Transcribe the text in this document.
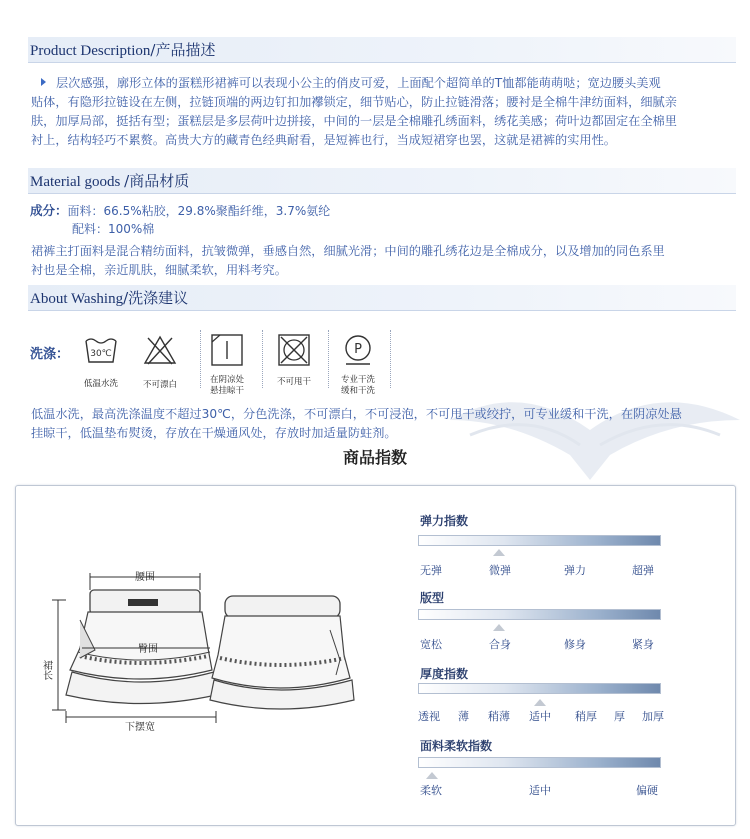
Product Description/产品描述
层次感强，廓形立体的蛋糕形裙裤可以表现小公主的俏皮可爱，上面配个超简单的T恤都能萌萌哒；宽边腰头美观
贴体，有隐形拉链设在左侧，拉链顶端的两边钉扣加襻锁定，细节贴心，防止拉链滑落；腰衬是全棉牛津纺面料，细腻亲
肤，加厚局部，挺括有型；蛋糕层是多层荷叶边拼接，中间的一层是全棉雕孔绣面料，绣花美感；荷叶边都固定在全棉里
衬上，结构轻巧不累赘。高贵大方的藏青色经典耐看，是短裤也行，当成短裙穿也罢，这就是裙裤的实用性。
Material goods /商品材质
成分：面料：66.5%粘胶，29.8%聚酯纤维，3.7%氨纶
配料：100%棉
裙裤主打面料是混合精纺面料，抗皱微弹，垂感自然，细腻光滑；中间的雕孔绣花边是全棉成分，以及增加的同色系里
衬也是全棉，亲近肌肤，细腻柔软，用料考究。
About Washing/洗涤建议
洗涤： 30℃
低温水洗	不可漂白	在阴凉处
悬挂晾干
不可甩干
P
专业干洗
缓和干洗
低温水洗，最高洗涤温度不超过30℃，分色洗涤，不可漂白，不可浸泡，不可甩干或绞拧，可专业缓和干洗，在阴凉处悬
挂晾干，低温垫布熨烫，存放在干燥通风处，存放时加适量防蛀剂。
商品指数
腰围
臀围
裙长
下摆宽
弹力指数
无弹	微弹	弹力	超弹
版型
宽松	合身	修身	紧身
厚度指数
透视 薄 稍薄 适中 稍厚 厚 加厚
面料柔软指数
柔软	适中	偏硬
